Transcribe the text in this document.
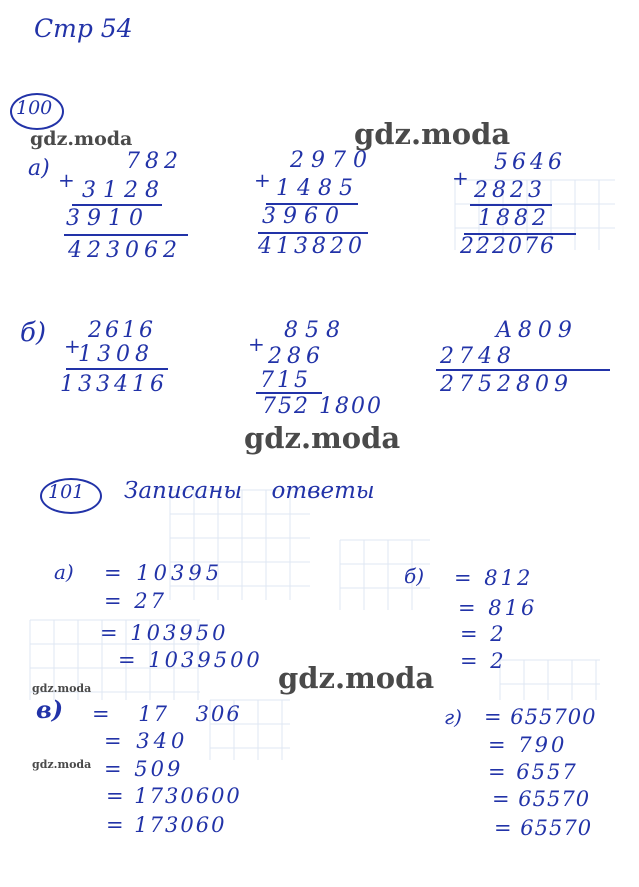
Стр 54
100
а) +
782
3128
3910
423062
+
2970
1485
3960
413820
+
5646
2823
1882
222076
б) +
2616
1308
133416
+
858
286
715
752 1800
A809
2748
2752809
101 Записаны ответы
а) = 10395
= 27
= 103950
= 1039500
б) = 812
= 816
= 2
= 2
в) = 17 306
= 340
= 509
= 1730600
= 173060
г) = 655700
= 790
= 6557
= 65570
= 65570
gdz.moda	gdz.moda
gdz.moda
gdz.moda
gdz.moda
gdz.moda
